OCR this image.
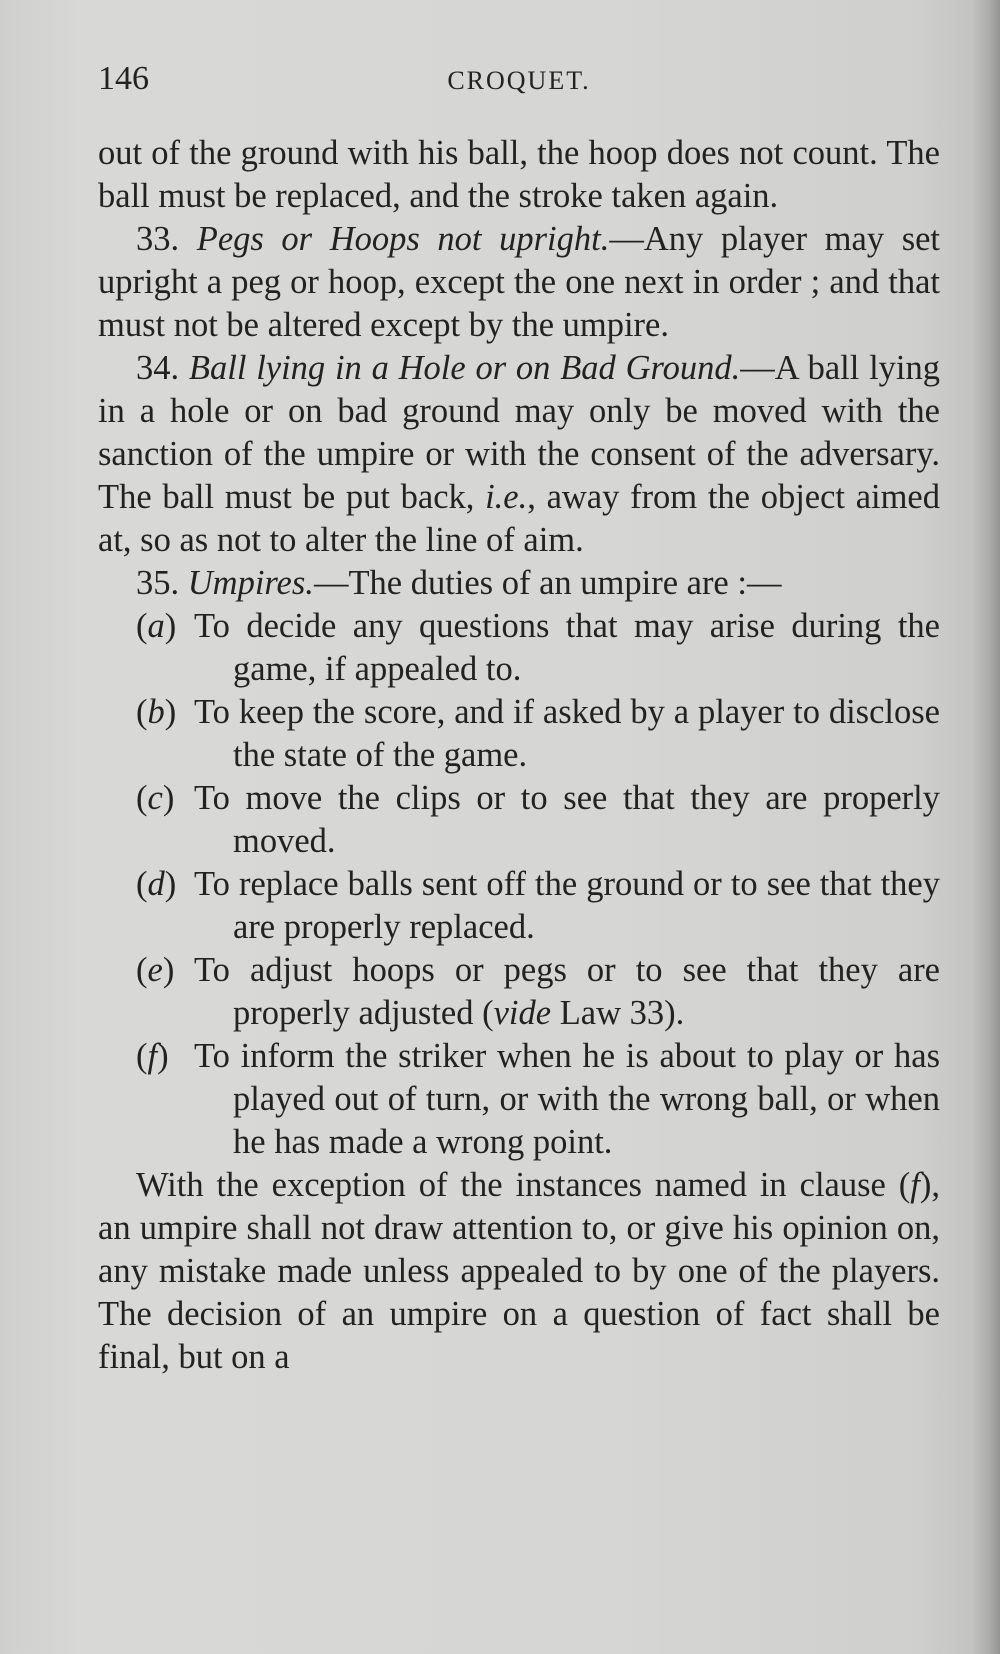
146	CROQUET.

out of the ground with his ball, the hoop does not count. The ball must be replaced, and the stroke taken again.

33. Pegs or Hoops not upright.—Any player may set upright a peg or hoop, except the one next in order ; and that must not be altered except by the umpire.

34. Ball lying in a Hole or on Bad Ground.—A ball lying in a hole or on bad ground may only be moved with the sanction of the umpire or with the consent of the adversary. The ball must be put back, i.e., away from the object aimed at, so as not to alter the line of aim.

35. Umpires.—The duties of an umpire are :—

(a) To decide any questions that may arise during the game, if appealed to.
(b) To keep the score, and if asked by a player to disclose the state of the game.
(c) To move the clips or to see that they are properly moved.
(d) To replace balls sent off the ground or to see that they are properly replaced.
(e) To adjust hoops or pegs or to see that they are properly adjusted (vide Law 33).
(f) To inform the striker when he is about to play or has played out of turn, or with the wrong ball, or when he has made a wrong point.

With the exception of the instances named in clause (f), an umpire shall not draw attention to, or give his opinion on, any mistake made unless appealed to by one of the players. The decision of an umpire on a question of fact shall be final, but on a
